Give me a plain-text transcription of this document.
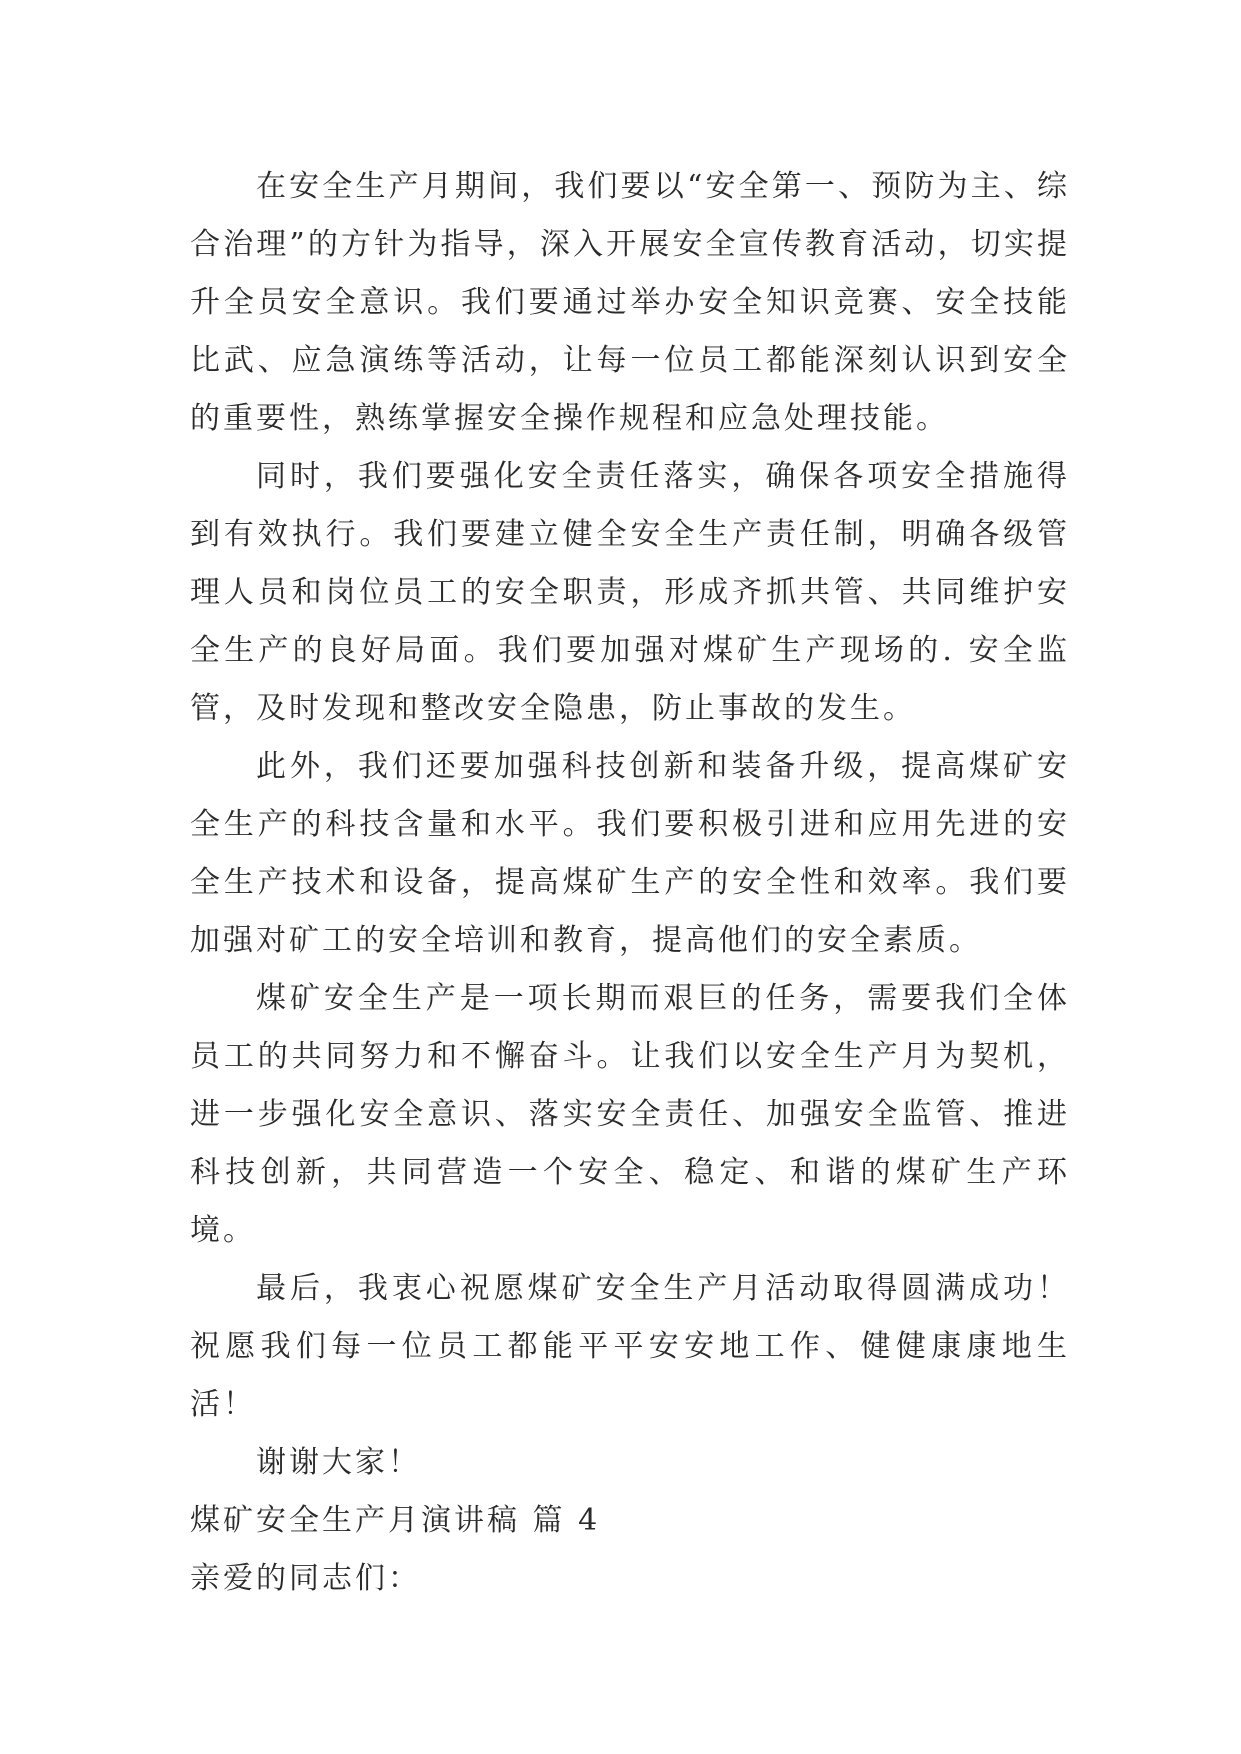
在安全生产月期间，我们要以“安全第一、预防为主、综合治理”的方针为指导，深入开展安全宣传教育活动，切实提升全员安全意识。我们要通过举办安全知识竞赛、安全技能比武、应急演练等活动，让每一位员工都能深刻认识到安全的重要性，熟练掌握安全操作规程和应急处理技能。

同时，我们要强化安全责任落实，确保各项安全措施得到有效执行。我们要建立健全安全生产责任制，明确各级管理人员和岗位员工的安全职责，形成齐抓共管、共同维护安全生产的良好局面。我们要加强对煤矿生产现场的. 安全监管，及时发现和整改安全隐患，防止事故的发生。

此外，我们还要加强科技创新和装备升级，提高煤矿安全生产的科技含量和水平。我们要积极引进和应用先进的安全生产技术和设备，提高煤矿生产的安全性和效率。我们要加强对矿工的安全培训和教育，提高他们的安全素质。

煤矿安全生产是一项长期而艰巨的任务，需要我们全体员工的共同努力和不懈奋斗。让我们以安全生产月为契机，进一步强化安全意识、落实安全责任、加强安全监管、推进科技创新，共同营造一个安全、稳定、和谐的煤矿生产环境。

最后，我衷心祝愿煤矿安全生产月活动取得圆满成功！祝愿我们每一位员工都能平平安安地工作、健健康康地生活！

谢谢大家！

煤矿安全生产月演讲稿 篇 4

亲爱的同志们：
